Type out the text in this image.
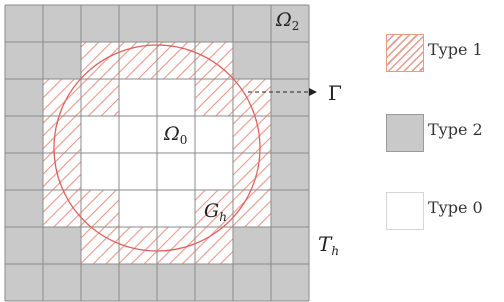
$\Omega_2$
Γ
$\Omega_0$
$G_h$
$T_h$
Type 1
Type 2
Type 0
